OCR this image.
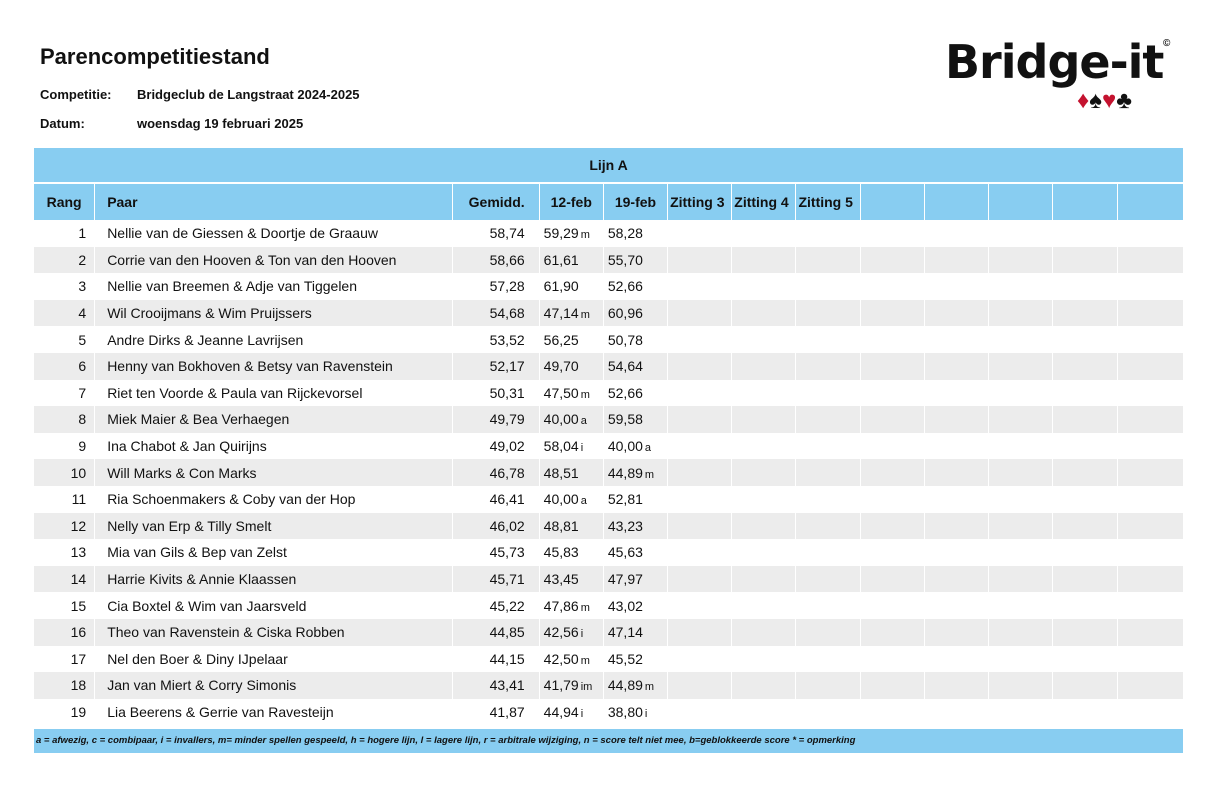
Parencompetitiestand
Competitie: Bridgeclub de Langstraat 2024-2025
Datum:	woensdag 19 februari 2025
Bridge-it ©
♦♠♥♣
Lijn A												
Rang	Paar	Gemidd.	12-feb	19-feb	Zitting 3	Zitting 4	Zitting 5					
1	Nellie van de Giessen & Doortje de Graauw	58,74	59,29 m	58,28								
2	Corrie van den Hooven & Ton van den Hooven	58,66	61,61	55,70								
3	Nellie van Breemen & Adje van Tiggelen	57,28	61,90	52,66								
4	Wil Crooijmans & Wim Pruijssers	54,68	47,14 m	60,96								
5	Andre Dirks & Jeanne Lavrijsen	53,52	56,25	50,78								
6	Henny van Bokhoven & Betsy van Ravenstein	52,17	49,70	54,64								
7	Riet ten Voorde & Paula van Rijckevorsel	50,31	47,50 m	52,66								
8	Miek Maier & Bea Verhaegen	49,79	40,00 a	59,58								
9	Ina Chabot & Jan Quirijns	49,02	58,04 i	40,00 a								
10	Will Marks & Con Marks	46,78	48,51	44,89 m								
11	Ria Schoenmakers & Coby van der Hop	46,41	40,00 a	52,81								
12	Nelly van Erp & Tilly Smelt	46,02	48,81	43,23								
13	Mia van Gils & Bep van Zelst	45,73	45,83	45,63								
14	Harrie Kivits & Annie Klaassen	45,71	43,45	47,97								
15	Cia Boxtel & Wim van Jaarsveld	45,22	47,86 m	43,02								
16	Theo van Ravenstein & Ciska Robben	44,85	42,56 i	47,14								
17	Nel den Boer & Diny IJpelaar	44,15	42,50 m	45,52								
18	Jan van Miert & Corry Simonis	43,41	41,79 im	44,89 m								
19	Lia Beerens & Gerrie van Ravesteijn	41,87	44,94 i	38,80 i								
a = afwezig, c = combipaar, i = invallers, m= minder spellen gespeeld, h = hogere lijn, l = lagere lijn, r = arbitrale wijziging, n = score telt niet mee, b=geblokkeerde score * = opmerking
